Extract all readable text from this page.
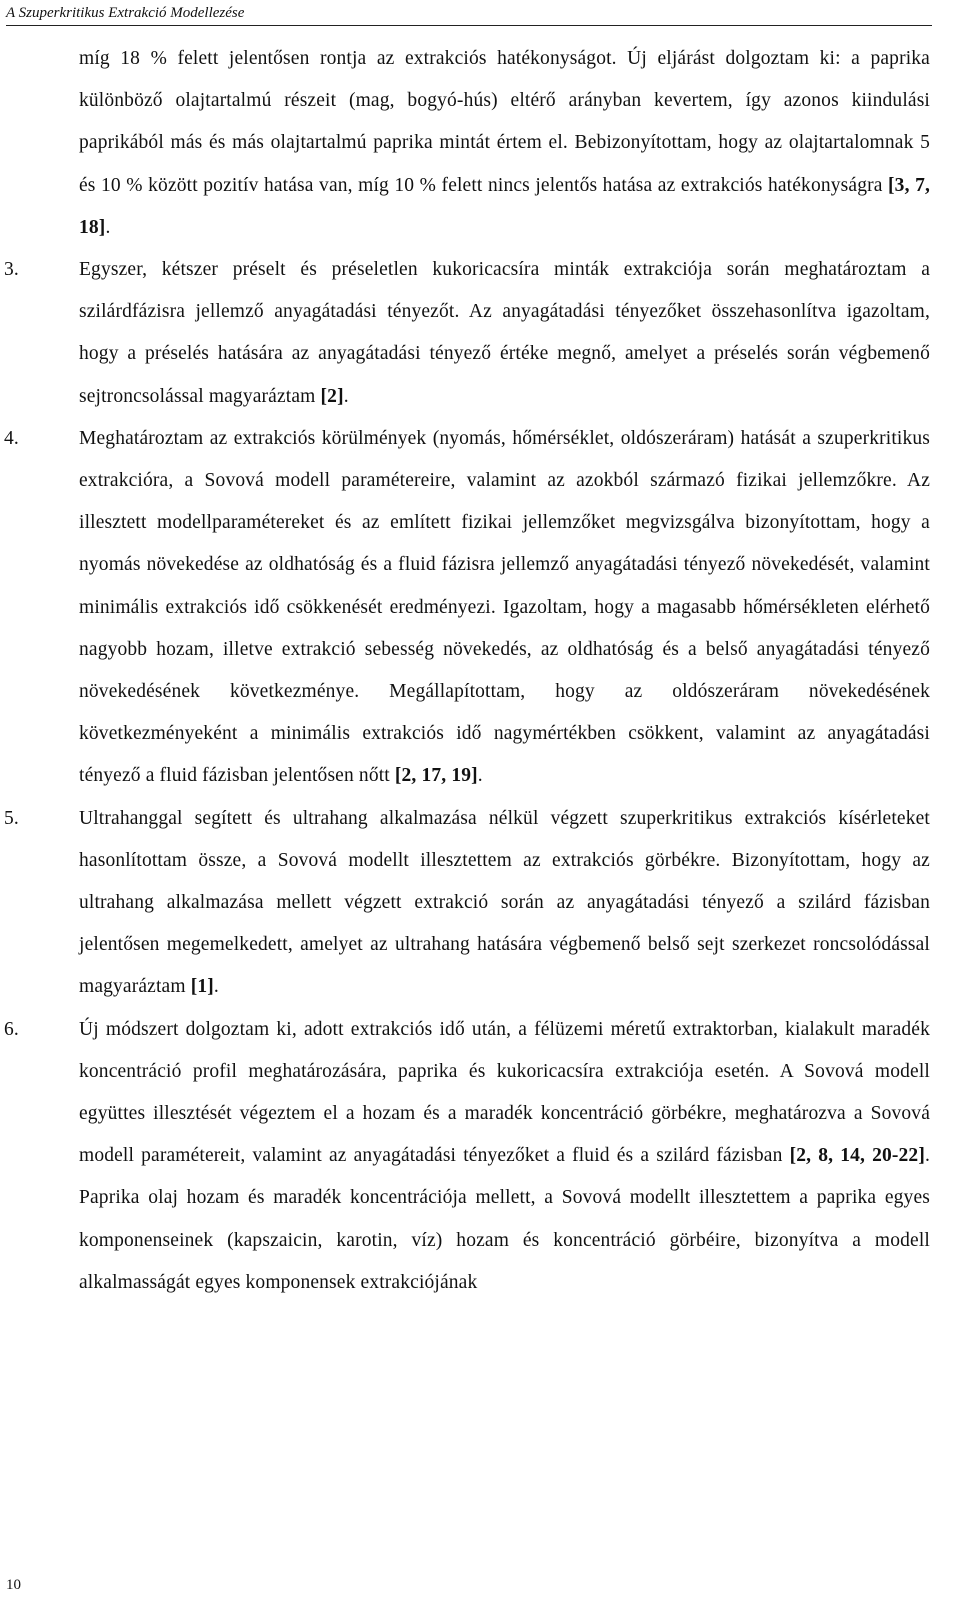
A Szuperkritikus Extrakció Modellezése

míg 18 % felett jelentősen rontja az extrakciós hatékonyságot. Új eljárást dolgoztam ki: a paprika különböző olajtartalmú részeit (mag, bogyó-hús) eltérő arányban kevertem, így azonos kiindulási paprikából más és más olajtartalmú paprika mintát értem el. Bebizonyítottam, hogy az olajtartalomnak 5 és 10 % között pozitív hatása van, míg 10 % felett nincs jelentős hatása az extrakciós hatékonyságra [3, 7, 18].

3.	Egyszer, kétszer préselt és préseletlen kukoricacsíra minták extrakciója során meghatároztam a szilárdfázisra jellemző anyagátadási tényezőt. Az anyagátadási tényezőket összehasonlítva igazoltam, hogy a préselés hatására az anyagátadási tényező értéke megnő, amelyet a préselés során végbemenő sejtroncsolással magyaráztam [2].

4.	Meghatároztam az extrakciós körülmények (nyomás, hőmérséklet, oldószeráram) hatását a szuperkritikus extrakcióra, a Sovová modell paramétereire, valamint az azokból származó fizikai jellemzőkre. Az illesztett modellparamétereket és az említett fizikai jellemzőket megvizsgálva bizonyítottam, hogy a nyomás növekedése az oldhatóság és a fluid fázisra jellemző anyagátadási tényező növekedését, valamint minimális extrakciós idő csökkenését eredményezi. Igazoltam, hogy a magasabb hőmérsékleten elérhető nagyobb hozam, illetve extrakció sebesség növekedés, az oldhatóság és a belső anyagátadási tényező növekedésének következménye. Megállapítottam, hogy az oldószeráram növekedésének következményeként a minimális extrakciós idő nagymértékben csökkent, valamint az anyagátadási tényező a fluid fázisban jelentősen nőtt [2, 17, 19].

5.	Ultrahanggal segített és ultrahang alkalmazása nélkül végzett szuperkritikus extrakciós kísérleteket hasonlítottam össze, a Sovová modellt illesztettem az extrakciós görbékre. Bizonyítottam, hogy az ultrahang alkalmazása mellett végzett extrakció során az anyagátadási tényező a szilárd fázisban jelentősen megemelkedett, amelyet az ultrahang hatására végbemenő belső sejt szerkezet roncsolódással magyaráztam [1].

6.	Új módszert dolgoztam ki, adott extrakciós idő után, a félüzemi méretű extraktorban, kialakult maradék koncentráció profil meghatározására, paprika és kukoricacsíra extrakciója esetén. A Sovová modell együttes illesztését végeztem el a hozam és a maradék koncentráció görbékre, meghatározva a Sovová modell paramétereit, valamint az anyagátadási tényezőket a fluid és a szilárd fázisban [2, 8, 14, 20-22]. Paprika olaj hozam és maradék koncentrációja mellett, a Sovová modellt illesztettem a paprika egyes komponenseinek (kapszaicin, karotin, víz) hozam és koncentráció görbéire, bizonyítva a modell alkalmasságát egyes komponensek extrakciójának

10
